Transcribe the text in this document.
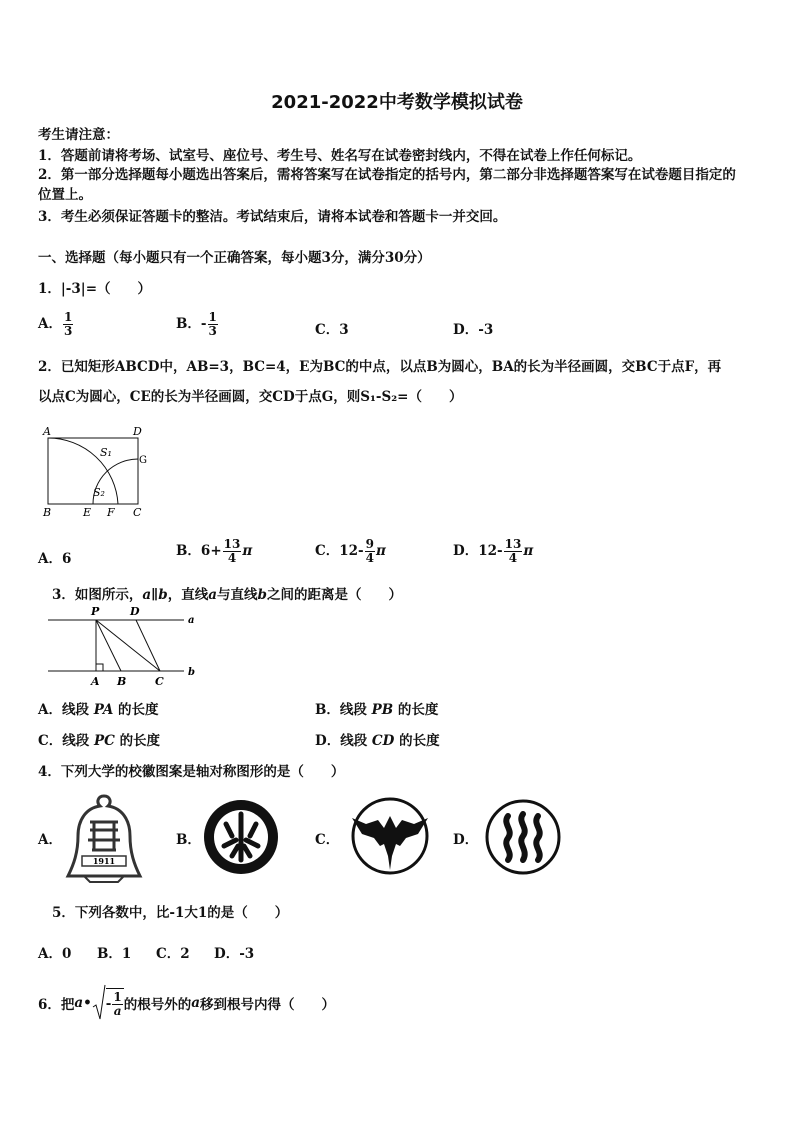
2021-2022中考数学模拟试卷
考生请注意：
1．答题前请将考场、试室号、座位号、考生号、姓名写在试卷密封线内，不得在试卷上作任何标记。
2．第一部分选择题每小题选出答案后，需将答案写在试卷指定的括号内，第二部分非选择题答案写在试卷题目指定的
位置上。
3．考生必须保证答题卡的整洁。考试结束后，请将本试卷和答题卡一并交回。
一、选择题（每小题只有一个正确答案，每小题3分，满分30分）
1．|-3|=（　　）
A． $\frac{1}{3}$	B．- $\frac{1}{3}$	C．3	D．-3
2．已知矩形ABCD中，AB=3，BC=4，E为BC的中点，以点B为圆心，BA的长为半径画圆，交BC于点F，再
以点C为圆心，CE的长为半径画圆，交CD于点G，则S₁-S₂=（　　）
A	D
S₁
G
S₂
B	E F C
A．6	B．$6+ \frac{13}{4}$ π	C．$12- \frac{9}{4}$ π	D．$12- \frac{13}{4}$ π
3．如图所示，a∥b，直线a与直线b之间的距离是（　　）
P	D
a
A B	C
b
A．线段 PA 的长度	B．线段 PB 的长度
C．线段 PC 的长度	D．线段 CD 的长度
4．下列大学的校徽图案是轴对称图形的是（　　）
A．
1911
B．	C．	D．
5．下列各数中，比-1大1的是（　　）
A．0 B．1 C．2 D．-3
6．把a• - $\frac{1}{a}$ 的根号外的a移到根号内得（　　）
